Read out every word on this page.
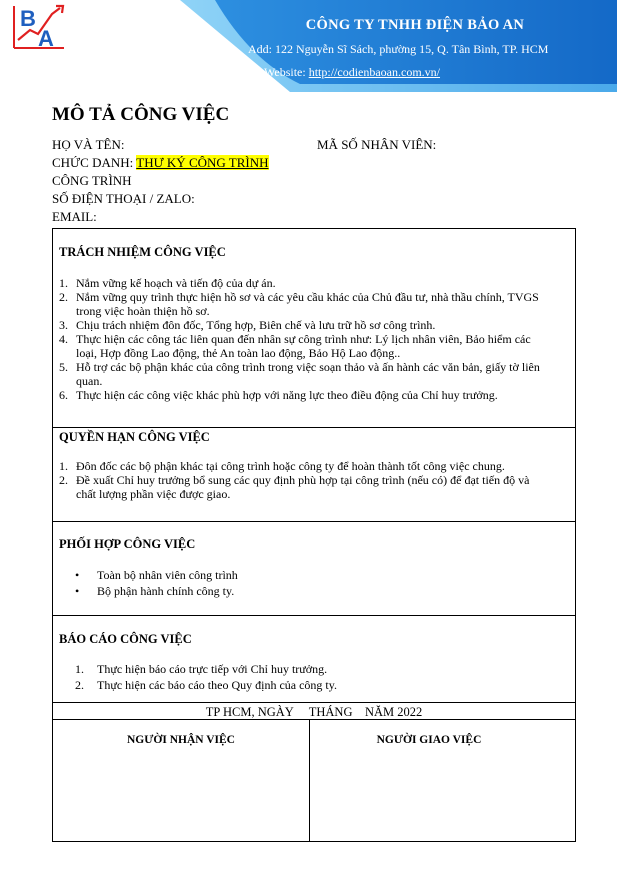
B
A
CÔNG TY TNHH ĐIỆN BẢO AN
Add: 122 Nguyễn Sĩ Sách, phường 15, Q. Tân Bình, TP. HCM
Website: http://codienbaoan.com.vn/
MÔ TẢ CÔNG VIỆC
HỌ VÀ TÊN:	MÃ SỐ NHÂN VIÊN:
CHỨC DANH: THƯ KÝ CÔNG TRÌNH
CÔNG TRÌNH
SỐ ĐIỆN THOẠI / ZALO:
EMAIL:
TRÁCH NHIỆM CÔNG VIỆC
1. Nắm vững kế hoạch và tiến độ của dự án.
2. Nắm vững quy trình thực hiện hồ sơ và các yêu cầu khác của Chủ đầu tư, nhà thầu chính, TVGS trong việc hoàn thiện hồ sơ.
3. Chịu trách nhiệm đôn đốc, Tổng hợp, Biên chế và lưu trữ hồ sơ công trình.
4. Thực hiện các công tác liên quan đến nhân sự công trình như: Lý lịch nhân viên, Bảo hiểm các loại, Hợp đồng Lao động, thẻ An toàn lao động, Bảo Hộ Lao động..
5. Hỗ trợ các bộ phận khác của công trình trong việc soạn thảo và ấn hành các văn bản, giấy tờ liên quan.
6. Thực hiện các công việc khác phù hợp với năng lực theo điều động của Chỉ huy trưởng.
QUYỀN HẠN CÔNG VIỆC
1. Đôn đốc các bộ phận khác tại công trình hoặc công ty để hoàn thành tốt công việc chung.
2. Đề xuất Chỉ huy trưởng bổ sung các quy định phù hợp tại công trình (nếu có) để đạt tiến độ và chất lượng phần việc được giao.
PHỐI HỢP CÔNG VIỆC
• Toàn bộ nhân viên công trình
• Bộ phận hành chính công ty.
BÁO CÁO CÔNG VIỆC
1. Thực hiện báo cáo trực tiếp với Chỉ huy trưởng.
2. Thực hiện các báo cáo theo Quy định của công ty.
TP HCM, NGÀY     THÁNG    NĂM 2022
NGƯỜI NHẬN VIỆC	NGƯỜI GIAO VIỆC
